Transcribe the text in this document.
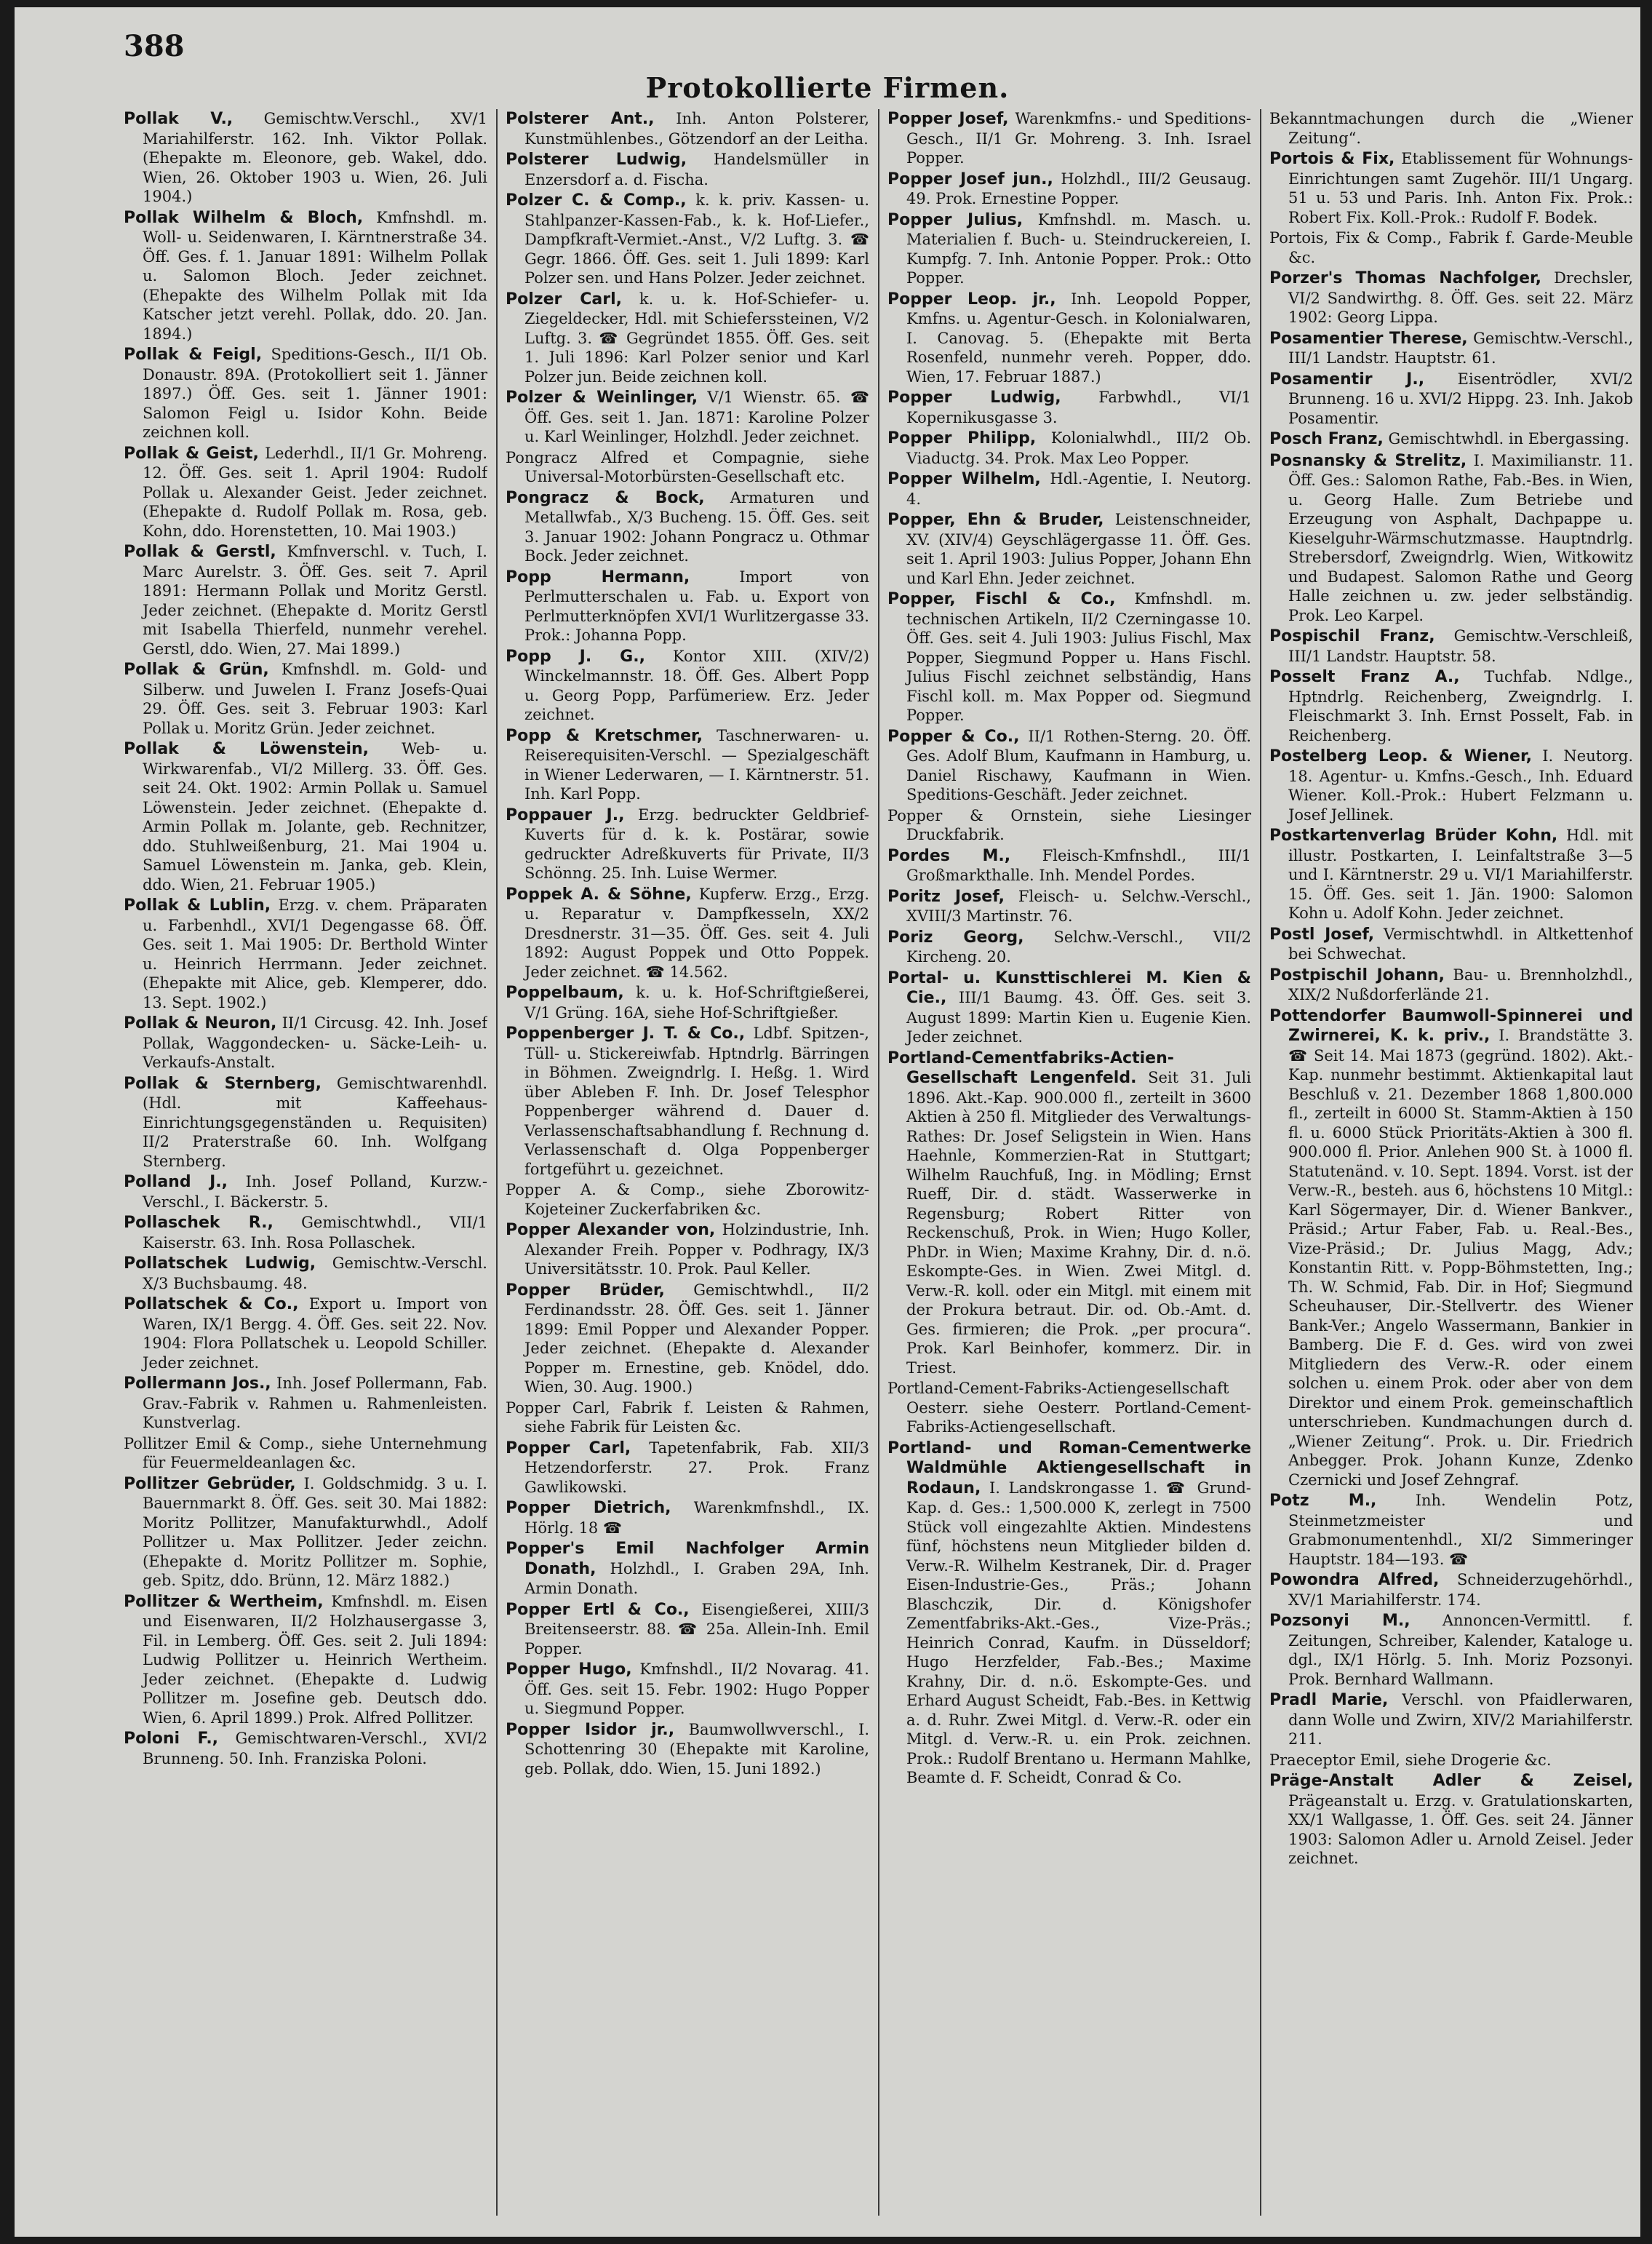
388
Protokollierte Firmen.

Pollak V., Gemischtw.Verschl., XV/1 Mariahilferstr. 162. Inh. Viktor Pollak. (Ehepakte m. Eleonore, geb. Wakel, ddo. Wien, 26. Oktober 1903 u. Wien, 26. Juli 1904.)

Pollak Wilhelm & Bloch, Kmfnshdl. m. Woll- u. Seidenwaren, I. Kärntnerstraße 34. Öff. Ges. f. 1. Januar 1891: Wilhelm Pollak u. Salomon Bloch. Jeder zeichnet. (Ehepakte des Wilhelm Pollak mit Ida Katscher jetzt verehl. Pollak, ddo. 20. Jan. 1894.)

Pollak & Feigl, Speditions-Gesch., II/1 Ob. Donaustr. 89A. (Protokolliert seit 1. Jänner 1897.) Öff. Ges. seit 1. Jänner 1901: Salomon Feigl u. Isidor Kohn. Beide zeichnen koll.

Pollak & Geist, Lederhdl., II/1 Gr. Mohreng. 12. Öff. Ges. seit 1. April 1904: Rudolf Pollak u. Alexander Geist. Jeder zeichnet. (Ehepakte d. Rudolf Pollak m. Rosa, geb. Kohn, ddo. Horenstetten, 10. Mai 1903.)

Pollak & Gerstl, Kmfnverschl. v. Tuch, I. Marc Aurelstr. 3. Öff. Ges. seit 7. April 1891: Hermann Pollak und Moritz Gerstl. Jeder zeichnet. (Ehepakte d. Moritz Gerstl mit Isabella Thierfeld, nunmehr verehel. Gerstl, ddo. Wien, 27. Mai 1899.)

Pollak & Grün, Kmfnshdl. m. Gold- und Silberw. und Juwelen I. Franz Josefs-Quai 29. Öff. Ges. seit 3. Februar 1903: Karl Pollak u. Moritz Grün. Jeder zeichnet.

Pollak & Löwenstein, Web- u. Wirkwarenfab., VI/2 Millerg. 33. Öff. Ges. seit 24. Okt. 1902: Armin Pollak u. Samuel Löwenstein. Jeder zeichnet. (Ehepakte d. Armin Pollak m. Jolante, geb. Rechnitzer, ddo. Stuhlweißenburg, 21. Mai 1904 u. Samuel Löwenstein m. Janka, geb. Klein, ddo. Wien, 21. Februar 1905.)

Pollak & Lublin, Erzg. v. chem. Präparaten u. Farbenhdl., XVI/1 Degengasse 68. Öff. Ges. seit 1. Mai 1905: Dr. Berthold Winter u. Heinrich Herrmann. Jeder zeichnet. (Ehepakte mit Alice, geb. Klemperer, ddo. 13. Sept. 1902.)

Pollak & Neuron, II/1 Circusg. 42. Inh. Josef Pollak, Waggondecken- u. Säcke-Leih- u. Verkaufs-Anstalt.

Pollak & Sternberg, Gemischtwarenhdl. (Hdl. mit Kaffeehaus-Einrichtungsgegenständen u. Requisiten) II/2 Praterstraße 60. Inh. Wolfgang Sternberg.

Polland J., Inh. Josef Polland, Kurzw.-Verschl., I. Bäckerstr. 5.

Pollaschek R., Gemischtwhdl., VII/1 Kaiserstr. 63. Inh. Rosa Pollaschek.

Pollatschek Ludwig, Gemischtw.-Verschl. X/3 Buchsbaumg. 48.

Pollatschek & Co., Export u. Import von Waren, IX/1 Bergg. 4. Öff. Ges. seit 22. Nov. 1904: Flora Pollatschek u. Leopold Schiller. Jeder zeichnet.

Pollermann Jos., Inh. Josef Pollermann, Fab. Grav.-Fabrik v. Rahmen u. Rahmenleisten. Kunstverlag.

Pollitzer Emil & Comp., siehe Unternehmung für Feuermeldeanlagen &c.

Pollitzer Gebrüder, I. Goldschmidg. 3 u. I. Bauernmarkt 8. Öff. Ges. seit 30. Mai 1882: Moritz Pollitzer, Manufakturwhdl., Adolf Pollitzer u. Max Pollitzer. Jeder zeichn. (Ehepakte d. Moritz Pollitzer m. Sophie, geb. Spitz, ddo. Brünn, 12. März 1882.)

Pollitzer & Wertheim, Kmfnshdl. m. Eisen und Eisenwaren, II/2 Holzhausergasse 3, Fil. in Lemberg. Öff. Ges. seit 2. Juli 1894: Ludwig Pollitzer u. Heinrich Wertheim. Jeder zeichnet. (Ehepakte d. Ludwig Pollitzer m. Josefine geb. Deutsch ddo. Wien, 6. April 1899.) Prok. Alfred Pollitzer.

Poloni F., Gemischtwaren-Verschl., XVI/2 Brunneng. 50. Inh. Franziska Poloni.

Polsterer Ant., Inh. Anton Polsterer, Kunstmühlenbes., Götzendorf an der Leitha.

Polsterer Ludwig, Handelsmüller in Enzersdorf a. d. Fischa.

Polzer C. & Comp., k. k. priv. Kassen- u. Stahlpanzer-Kassen-Fab., k. k. Hof-Liefer., Dampfkraft-Vermiet.-Anst., V/2 Luftg. 3. ☎ Gegr. 1866. Öff. Ges. seit 1. Juli 1899: Karl Polzer sen. und Hans Polzer. Jeder zeichnet.

Polzer Carl, k. u. k. Hof-Schiefer- u. Ziegeldecker, Hdl. mit Schieferssteinen, V/2 Luftg. 3. ☎ Gegründet 1855. Öff. Ges. seit 1. Juli 1896: Karl Polzer senior und Karl Polzer jun. Beide zeichnen koll.

Polzer & Weinlinger, V/1 Wienstr. 65. ☎ Öff. Ges. seit 1. Jan. 1871: Karoline Polzer u. Karl Weinlinger, Holzhdl. Jeder zeichnet.

Pongracz Alfred et Compagnie, siehe Universal-Motorbürsten-Gesellschaft etc.

Pongracz & Bock, Armaturen und Metallwfab., X/3 Bucheng. 15. Öff. Ges. seit 3. Januar 1902: Johann Pongracz u. Othmar Bock. Jeder zeichnet.

Popp Hermann,	Import von Perlmutterschalen u. Fab. u. Export von Perlmutterknöpfen XVI/1 Wurlitzergasse 33. Prok.: Johanna Popp.

Popp J. G., Kontor XIII. (XIV/2) Winckelmannstr. 18. Öff. Ges. Albert Popp u. Georg Popp, Parfümeriew. Erz. Jeder zeichnet.

Popp & Kretschmer, Taschnerwaren- u. Reiserequisiten-Verschl. — Spezialgeschäft in Wiener Lederwaren, — I. Kärntnerstr. 51. Inh. Karl Popp.

Poppauer J., Erzg. bedruckter Geldbrief-Kuverts für d. k. k. Postärar, sowie gedruckter Adreßkuverts für Private, II/3 Schönng. 25. Inh. Luise Wermer.

Poppek A. & Söhne, Kupferw. Erzg., Erzg. u. Reparatur v. Dampfkesseln, XX/2 Dresdnerstr. 31—35. Öff. Ges. seit 4. Juli 1892: August Poppek und Otto Poppek. Jeder zeichnet. ☎ 14.562.

Poppelbaum, k. u. k. Hof-Schriftgießerei, V/1 Grüng. 16A, siehe Hof-Schriftgießer.

Poppenberger J. T. & Co., Ldbf. Spitzen-, Tüll- u. Stickereiwfab. Hptndrlg. Bärringen in Böhmen. Zweigndrlg. I. Heßg. 1. Wird über Ableben F. Inh. Dr. Josef Telesphor Poppenberger während d. Dauer d. Verlassenschaftsabhandlung f. Rechnung d. Verlassenschaft d. Olga Poppenberger fortgeführt u. gezeichnet.

Popper A. & Comp., siehe Zborowitz-Kojeteiner Zuckerfabriken &c.

Popper Alexander von, Holzindustrie, Inh. Alexander Freih. Popper v. Podhragy, IX/3 Universitätsstr. 10. Prok. Paul Keller.

Popper Brüder, Gemischtwhdl., II/2 Ferdinandsstr. 28. Öff. Ges. seit 1. Jänner 1899: Emil Popper und Alexander Popper. Jeder zeichnet. (Ehepakte d. Alexander Popper m. Ernestine, geb. Knödel, ddo. Wien, 30. Aug. 1900.)

Popper Carl, Fabrik f. Leisten & Rahmen, siehe Fabrik für Leisten &c.

Popper Carl, Tapetenfabrik, Fab. XII/3 Hetzendorferstr. 27. Prok. Franz Gawlikowski.

Popper Dietrich, Warenkmfnshdl., IX. Hörlg. 18 ☎

Popper's Emil Nachfolger Armin Donath, Holzhdl., I. Graben 29A, Inh. Armin Donath.

Popper Ertl & Co., Eisengießerei, XIII/3 Breitenseerstr. 88. ☎ 25a. Allein-Inh. Emil Popper.

Popper Hugo, Kmfnshdl., II/2 Novarag. 41. Öff. Ges. seit 15. Febr. 1902: Hugo Popper u. Siegmund Popper.

Popper Isidor jr., Baumwollwverschl., I. Schottenring 30 (Ehepakte mit Karoline, geb. Pollak, ddo. Wien, 15. Juni 1892.)

Popper Josef, Warenkmfns.- und Speditions-Gesch., II/1 Gr. Mohreng. 3. Inh. Israel Popper.

Popper Josef jun., Holzhdl., III/2 Geusaug. 49. Prok. Ernestine Popper.

Popper Julius, Kmfnshdl. m. Masch. u. Materialien f. Buch- u. Steindruckereien, I. Kumpfg. 7. Inh. Antonie Popper. Prok.: Otto Popper.

Popper Leop. jr., Inh. Leopold Popper, Kmfns. u. Agentur-Gesch. in Kolonialwaren, I. Canovag. 5. (Ehepakte mit Berta Rosenfeld, nunmehr vereh. Popper, ddo. Wien, 17. Februar 1887.)

Popper Ludwig, Farbwhdl., VI/1 Kopernikusgasse 3.

Popper Philipp, Kolonialwhdl., III/2 Ob. Viaductg. 34. Prok. Max Leo Popper.

Popper Wilhelm, Hdl.-Agentie, I. Neutorg. 4.

Popper, Ehn & Bruder, Leistenschneider, XV. (XIV/4) Geyschlägergasse 11. Öff. Ges. seit 1. April 1903: Julius Popper, Johann Ehn und Karl Ehn. Jeder zeichnet.

Popper, Fischl & Co., Kmfnshdl. m. technischen Artikeln, II/2 Czerningasse 10. Öff. Ges. seit 4. Juli 1903: Julius Fischl, Max Popper, Siegmund Popper u. Hans Fischl. Julius Fischl zeichnet selbständig, Hans Fischl koll. m. Max Popper od. Siegmund Popper.

Popper & Co., II/1 Rothen-Sterng. 20. Öff. Ges. Adolf Blum, Kaufmann in Hamburg, u. Daniel Rischawy, Kaufmann in Wien. Speditions-Geschäft. Jeder zeichnet.

Popper & Ornstein, siehe Liesinger Druckfabrik.

Pordes M., Fleisch-Kmfnshdl., III/1 Großmarkthalle. Inh. Mendel Pordes.

Poritz Josef, Fleisch- u. Selchw.-Verschl., XVIII/3 Martinstr. 76.

Poriz Georg, Selchw.-Verschl., VII/2 Kircheng. 20.

Portal- u. Kunsttischlerei M. Kien & Cie., III/1 Baumg. 43. Öff. Ges. seit 3. August 1899: Martin Kien u. Eugenie Kien. Jeder zeichnet.

Portland-Cementfabriks-Actien-Gesellschaft Lengenfeld. Seit 31. Juli 1896. Akt.-Kap. 900.000 fl., zerteilt in 3600 Aktien à 250 fl. Mitglieder des Verwaltungs-Rathes: Dr. Josef Seligstein in Wien. Hans Haehnle, Kommerzien-Rat in Stuttgart; Wilhelm Rauchfuß, Ing. in Mödling; Ernst Rueff, Dir. d. städt. Wasserwerke in Regensburg; Robert Ritter von Reckenschuß, Prok. in Wien; Hugo Koller, PhDr. in Wien; Maxime Krahny, Dir. d. n.ö. Eskompte-Ges. in Wien. Zwei Mitgl. d. Verw.-R. koll. oder ein Mitgl. mit einem mit der Prokura betraut. Dir. od. Ob.-Amt. d. Ges. firmieren; die Prok. „per procura“. Prok. Karl Beinhofer, kommerz. Dir. in Triest.

Portland-Cement-Fabriks-Actiengesellschaft Oesterr. siehe Oesterr. Portland-Cement-Fabriks-Actiengesellschaft.

Portland- und Roman-Cementwerke Waldmühle Aktiengesellschaft in Rodaun, I. Landskrongasse 1. ☎ Grund-Kap. d. Ges.: 1,500.000 K, zerlegt in 7500 Stück voll eingezahlte Aktien. Mindestens fünf, höchstens neun Mitglieder bilden d. Verw.-R. Wilhelm Kestranek, Dir. d. Prager Eisen-Industrie-Ges., Präs.; Johann Blaschczik, Dir. d. Königshofer Zementfabriks-Akt.-Ges., Vize-Präs.; Heinrich Conrad, Kaufm. in Düsseldorf; Hugo Herzfelder, Fab.-Bes.; Maxime Krahny, Dir. d. n.ö. Eskompte-Ges. und Erhard August Scheidt, Fab.-Bes. in Kettwig a. d. Ruhr. Zwei Mitgl. d. Verw.-R. oder ein Mitgl. d. Verw.-R. u. ein Prok. zeichnen. Prok.: Rudolf Brentano u. Hermann Mahlke, Beamte d. F. Scheidt, Conrad & Co.

Bekanntmachungen durch die „Wiener Zeitung“.

Portois & Fix, Etablissement für Wohnungs-Einrichtungen samt Zugehör. III/1 Ungarg. 51 u. 53 und Paris. Inh. Anton Fix. Prok.: Robert Fix. Koll.-Prok.: Rudolf F. Bodek.

Portois, Fix & Comp., Fabrik f. Garde-Meuble &c.

Porzer's Thomas Nachfolger, Drechsler, VI/2 Sandwirthg. 8. Öff. Ges. seit 22. März 1902: Georg Lippa.

Posamentier Therese, Gemischtw.-Verschl., III/1 Landstr. Hauptstr. 61.

Posamentir J., Eisentrödler, XVI/2 Brunneng. 16 u. XVI/2 Hippg. 23. Inh. Jakob Posamentir.

Posch Franz, Gemischtwhdl. in Ebergassing.

Posnansky & Strelitz, I. Maximilianstr. 11. Öff. Ges.: Salomon Rathe, Fab.-Bes. in Wien, u. Georg Halle. Zum Betriebe und Erzeugung von Asphalt, Dachpappe u. Kieselguhr-Wärmschutzmasse. Hauptndrlg. Strebersdorf, Zweigndrlg. Wien, Witkowitz und Budapest. Salomon Rathe und Georg Halle zeichnen u. zw. jeder selbständig. Prok. Leo Karpel.

Pospischil Franz, Gemischtw.-Verschleiß, III/1 Landstr. Hauptstr. 58.

Posselt Franz A., Tuchfab. Ndlge., Hptndrlg. Reichenberg, Zweigndrlg. I. Fleischmarkt 3. Inh. Ernst Posselt, Fab. in Reichenberg.

Postelberg Leop. & Wiener, I. Neutorg. 18. Agentur- u. Kmfns.-Gesch., Inh. Eduard Wiener. Koll.-Prok.: Hubert Felzmann u. Josef Jellinek.

Postkartenverlag Brüder Kohn, Hdl. mit illustr. Postkarten, I. Leinfaltstraße 3—5 und I. Kärntnerstr. 29 u. VI/1 Mariahilferstr. 15. Öff. Ges. seit 1. Jän. 1900: Salomon Kohn u. Adolf Kohn. Jeder zeichnet.

Postl Josef, Vermischtwhdl. in Altkettenhof bei Schwechat.

Postpischil Johann, Bau- u. Brennholzhdl., XIX/2 Nußdorferlände 21.

Pottendorfer Baumwoll-Spinnerei und Zwirnerei, K. k. priv., I. Brandstätte 3. ☎ Seit 14. Mai 1873 (gegründ. 1802). Akt.-Kap. nunmehr bestimmt. Aktienkapital laut Beschluß v. 21. Dezember 1868 1,800.000 fl., zerteilt in 6000 St. Stamm-Aktien à 150 fl. u. 6000 Stück Prioritäts-Aktien à 300 fl. 900.000 fl. Prior. Anlehen 900 St. à 1000 fl. Statutenänd. v. 10. Sept. 1894. Vorst. ist der Verw.-R., besteh. aus 6, höchstens 10 Mitgl.: Karl Sögermayer, Dir. d. Wiener Bankver., Präsid.; Artur Faber, Fab. u. Real.-Bes., Vize-Präsid.; Dr. Julius Magg, Adv.; Konstantin Ritt. v. Popp-Böhmstetten, Ing.; Th. W. Schmid, Fab. Dir. in Hof; Siegmund Scheuhauser, Dir.-Stellvertr. des Wiener Bank-Ver.; Angelo Wassermann, Bankier in Bamberg. Die F. d. Ges. wird von zwei Mitgliedern des Verw.-R. oder einem solchen u. einem Prok. oder aber von dem Direktor und einem Prok. gemeinschaftlich unterschrieben. Kundmachungen durch d. „Wiener Zeitung“. Prok. u. Dir. Friedrich Anbegger. Prok. Johann Kunze, Zdenko Czernicki und Josef Zehngraf.

Potz M.,	Inh. Wendelin Potz, Steinmetzmeister und Grabmonumentenhdl., XI/2 Simmeringer Hauptstr. 184—193. ☎

Powondra Alfred, Schneiderzugehörhdl., XV/1 Mariahilferstr. 174.

Pozsonyi M., Annoncen-Vermittl. f. Zeitungen, Schreiber, Kalender, Kataloge u. dgl., IX/1 Hörlg. 5. Inh. Moriz Pozsonyi. Prok. Bernhard Wallmann.

Pradl Marie, Verschl. von Pfaidlerwaren, dann Wolle und Zwirn, XIV/2 Mariahilferstr. 211.

Praeceptor Emil, siehe Drogerie &c.

Präge-Anstalt Adler & Zeisel, Prägeanstalt u. Erzg. v. Gratulationskarten, XX/1 Wallgasse, 1. Öff. Ges. seit 24. Jänner 1903: Salomon Adler u. Arnold Zeisel. Jeder zeichnet.
